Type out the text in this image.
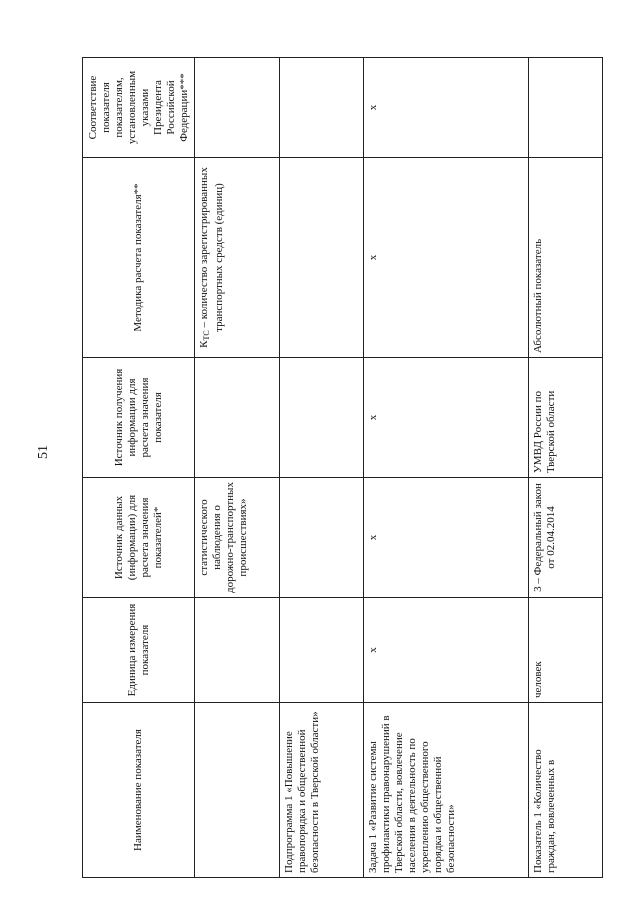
51
Наименование показателя	Единица измерения показателя	Источник данных (информации) для расчета значения показателей*	Источник получения информации для расчета значения показателя	Методика расчета показателя**	Соответствие показателя показателям, установленным указами Президента Российской Федерации***
		статистического наблюдения о дорожно-транспортных происшествиях»		$К_{ТС}$ – количество зарегистрированных транспортных средств (единиц)	
Подпрограмма 1 «Повышение правопорядка и общественной безопасности в Тверской области»					
Задача 1 «Развитие системы профилактики правонарушений в Тверской области, вовлечение населения в деятельность по укреплению общественного порядка и общественной безопасности»	х	х	х	х	х
Показатель 1 «Количество граждан, вовлеченных в	человек	3 – Федеральный закон от 02.04.2014	УМВД России по Тверской области	Абсолютный показатель	
